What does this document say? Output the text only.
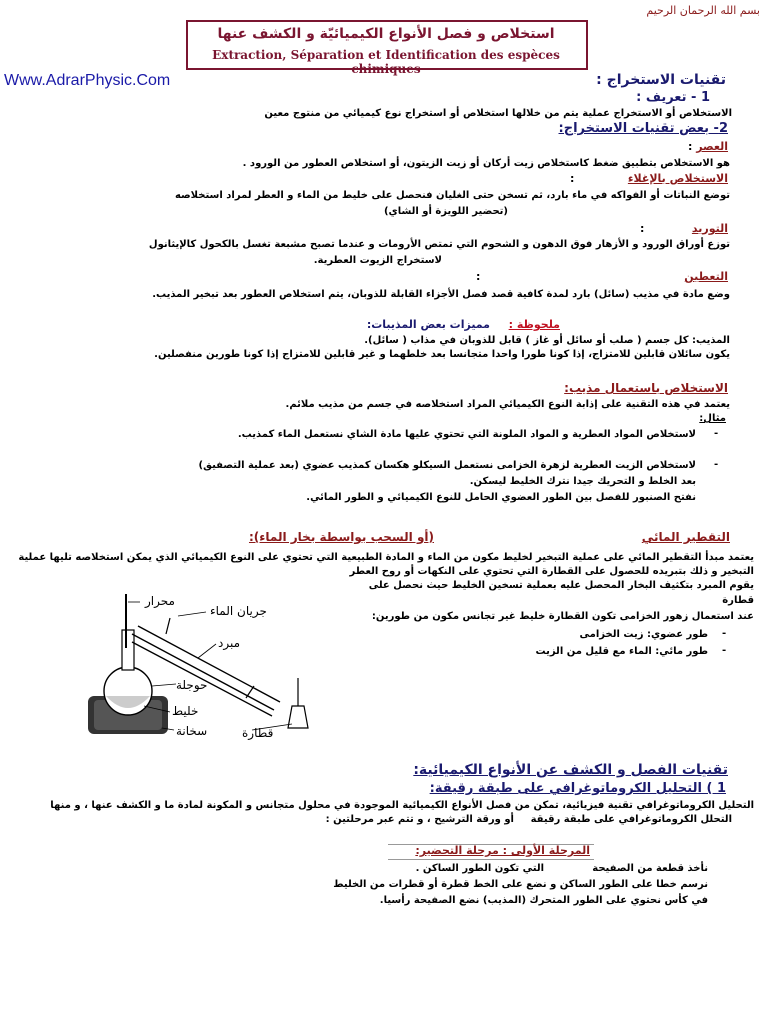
بسم الله الرحمان الرحيم
استخلاص و فصل الأنواع الكيميائيّة و الكشف عنها
Extraction, Séparation et Identification des espèces chimiques
Www.AdrarPhysic.Com	تقنيات الاستخراج :
1 - تعريف :
الاستخلاص أو الاستخراج عملية يتم من خلالها استخلاص أو استخراج نوع كيميائي من منتوج معين
2- بعض تقنيات الاستخراج:
العصر
:
هو الاستخلاص بتطبيق ضغط كاستخلاص زيت أركان أو زيت الزيتون، أو استخلاص العطور من الورود .
الاستخلاص بالإغلاء
:
توضع النباتات أو الفواكه في ماء بارد، ثم تسخن حتى الغليان فنحصل على خليط من الماء و العطر لمراد استخلاصه
(تحضير اللويزة أو الشاي)
التوريد
:
توزع أوراق الورود و الأزهار فوق الدهون و الشحوم التي تمتص الأرومات و عندما تصبح مشبعة تغسل بالكحول كالإيثانول
لاستخراج الزيوت العطرية.
التعطين
:
وضع مادة في مذيب (سائل) بارد لمدة كافية قصد فصل الأجزاء القابلة للذوبان، يتم استخلاص العطور بعد تبخير المذيب.
ملحوظة :
مميزات بعض المذيبات:
المذيب: كل جسم ( صلب أو سائل أو غاز ) قابل للذوبان في مذاب ( سائل).
يكون سائلان قابلين للامتزاج، إذا كونا طورا واحدا متجانسا بعد خلطهما و غير قابلين للامتزاج إذا كونا طورين منفصلين.
الاستخلاص باستعمال مذيب:
يعتمد في هذه التقنية على إذابة النوع الكيميائي المراد استخلاصه في جسم من مذيب ملائم.
مثال:
-
لاستخلاص المواد العطرية و المواد الملونة التي تحتوي عليها مادة الشاي نستعمل الماء كمذيب.
-
لاستخلاص الزيت العطرية لزهرة الخزامى نستعمل السيكلو هكسان كمذيب عضوي (بعد عملية التصفيق)
بعد الخلط و التحريك جيدا نترك الخليط ليسكن.
نفتح الصنبور للفصل بين الطور العضوي الحامل للنوع الكيميائي و الطور المائي.
التقطير المائي
(أو السحب بواسطة بخار الماء):
يعتمد مبدأ التقطير المائي على عملية التبخير لخليط مكون من الماء و المادة الطبيعية التي تحتوي على النوع الكيميائي الذي يمكن استخلاصه تليها عملية
التبخير و ذلك بتبريده للحصول على القطارة التي تحتوي على النكهات أو روح العطر
يقوم المبرد بتكثيف البخار المحصل عليه بعملية تسخين الخليط حيث نحصل على
قطارة
عند استعمال زهور الخزامى تكون القطارة خليط غير تجانس مكون من طورين:
-
طور عضوي: زيت الخزامى
-
طور مائي: الماء مع قليل من الزيت
محرار
جريان الماء
مبرد
حوجلة
خليط
سخانة	قطارة
تقنيات الفصل و الكشف عن الأنواع الكيميائية:
1 ) التحليل الكروماتوغرافي على طبقة رقيقة:
التحليل الكروماتوغرافي تقنية فيزيائية، تمكن من فصل الأنواع الكيميائية الموجودة في محلول متجانس و المكونة لمادة ما و الكشف عنها ، و منها
التحلل الكروماتوغرافي على طبقة رقيقة
أو ورقة الترشيح ، و تتم عبر مرحلتين :
المرحلة الأولى : مرحلة التحضير:
نأخذ قطعة من الصفيحة
التي تكون الطور الساكن .
نرسم خطا على الطور الساكن و نضع على الخط قطرة أو قطرات من الخليط
في كأس نحتوي على الطور المتحرك (المذيب) نضع الصفيحة رأسيا.
